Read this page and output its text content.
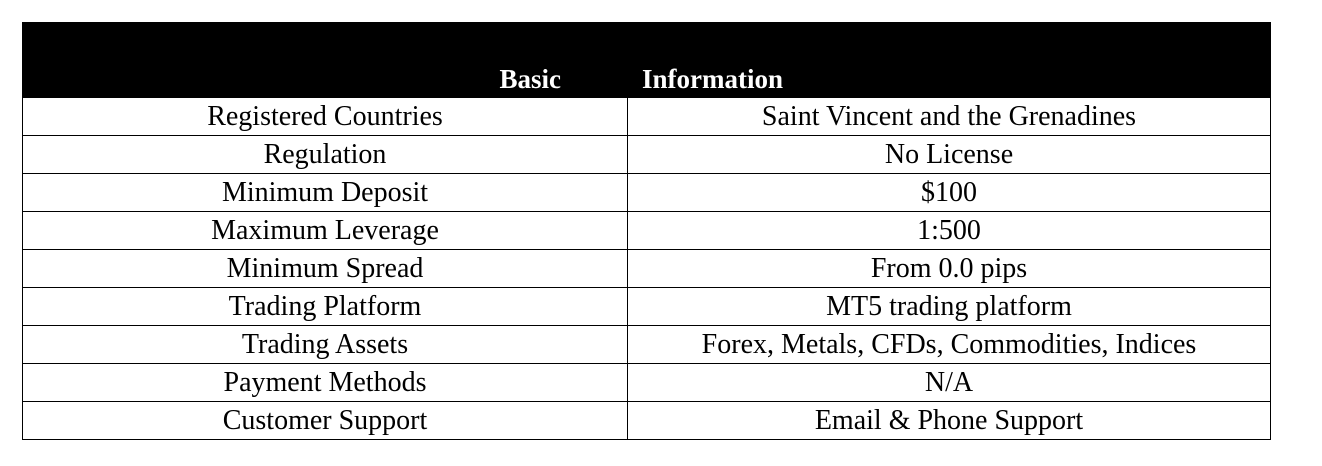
Basic	Information
Registered Countries	Saint Vincent and the Grenadines
Regulation	No License
Minimum Deposit	$100
Maximum Leverage	1:500
Minimum Spread	From 0.0 pips
Trading Platform	MT5 trading platform
Trading Assets	Forex, Metals, CFDs, Commodities, Indices
Payment Methods	N/A
Customer Support	Email & Phone Support
